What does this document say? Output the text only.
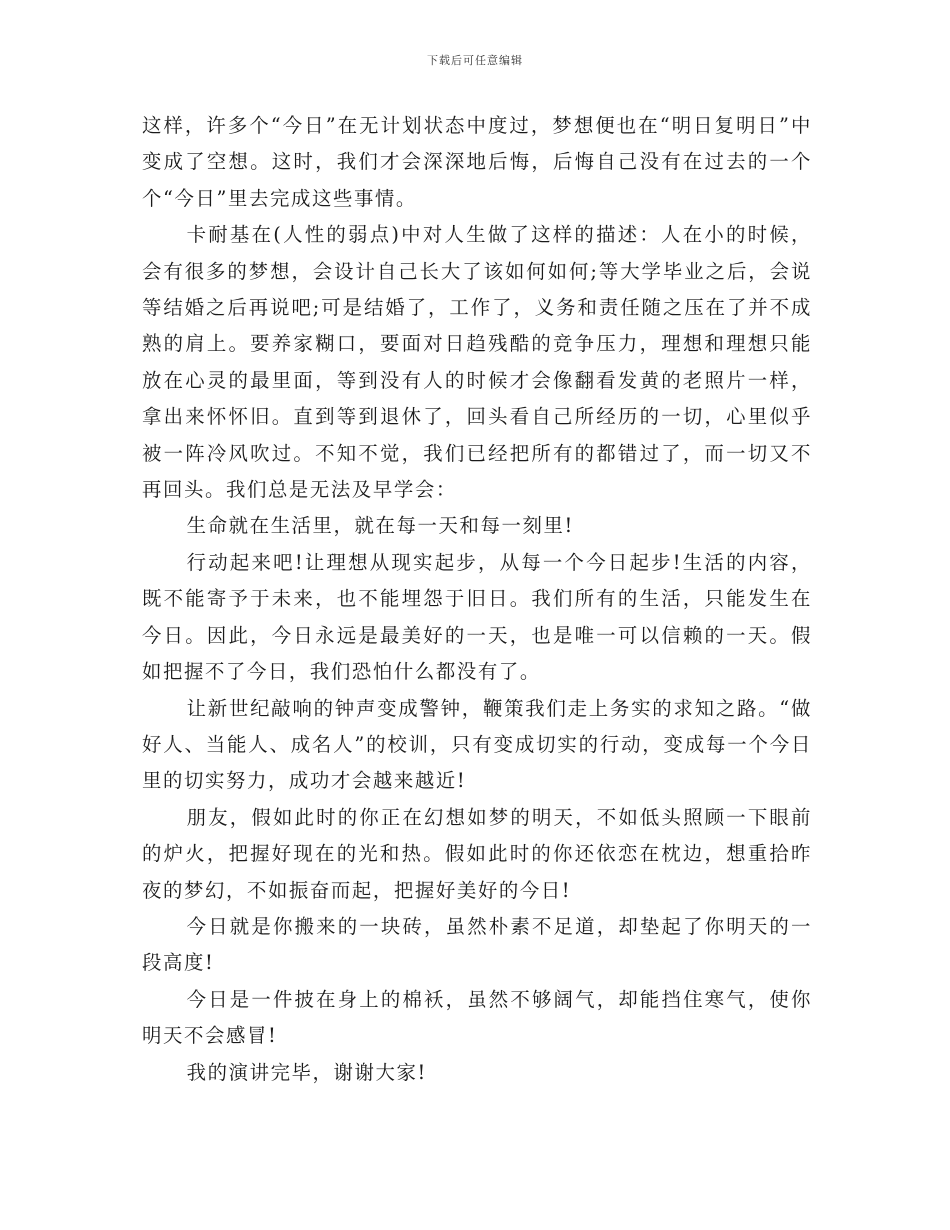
下载后可任意编辑

这样，许多个“今日”在无计划状态中度过，梦想便也在“明日复明日”中变成了空想。这时，我们才会深深地后悔，后悔自己没有在过去的一个个“今日”里去完成这些事情。

卡耐基在(人性的弱点)中对人生做了这样的描述：人在小的时候，会有很多的梦想，会设计自己长大了该如何如何;等大学毕业之后，会说等结婚之后再说吧;可是结婚了，工作了，义务和责任随之压在了并不成熟的肩上。要养家糊口，要面对日趋残酷的竞争压力，理想和理想只能放在心灵的最里面，等到没有人的时候才会像翻看发黄的老照片一样，拿出来怀怀旧。直到等到退休了，回头看自己所经历的一切，心里似乎被一阵冷风吹过。不知不觉，我们已经把所有的都错过了，而一切又不再回头。我们总是无法及早学会：

生命就在生活里，就在每一天和每一刻里!

行动起来吧!让理想从现实起步，从每一个今日起步!生活的内容，既不能寄予于未来，也不能埋怨于旧日。我们所有的生活，只能发生在今日。因此，今日永远是最美好的一天，也是唯一可以信赖的一天。假如把握不了今日，我们恐怕什么都没有了。

让新世纪敲响的钟声变成警钟，鞭策我们走上务实的求知之路。“做好人、当能人、成名人”的校训，只有变成切实的行动，变成每一个今日里的切实努力，成功才会越来越近!

朋友，假如此时的你正在幻想如梦的明天，不如低头照顾一下眼前的炉火，把握好现在的光和热。假如此时的你还依恋在枕边，想重拾昨夜的梦幻，不如振奋而起，把握好美好的今日!

今日就是你搬来的一块砖，虽然朴素不足道，却垫起了你明天的一段高度!

今日是一件披在身上的棉袄，虽然不够阔气，却能挡住寒气，使你明天不会感冒!

我的演讲完毕，谢谢大家!
